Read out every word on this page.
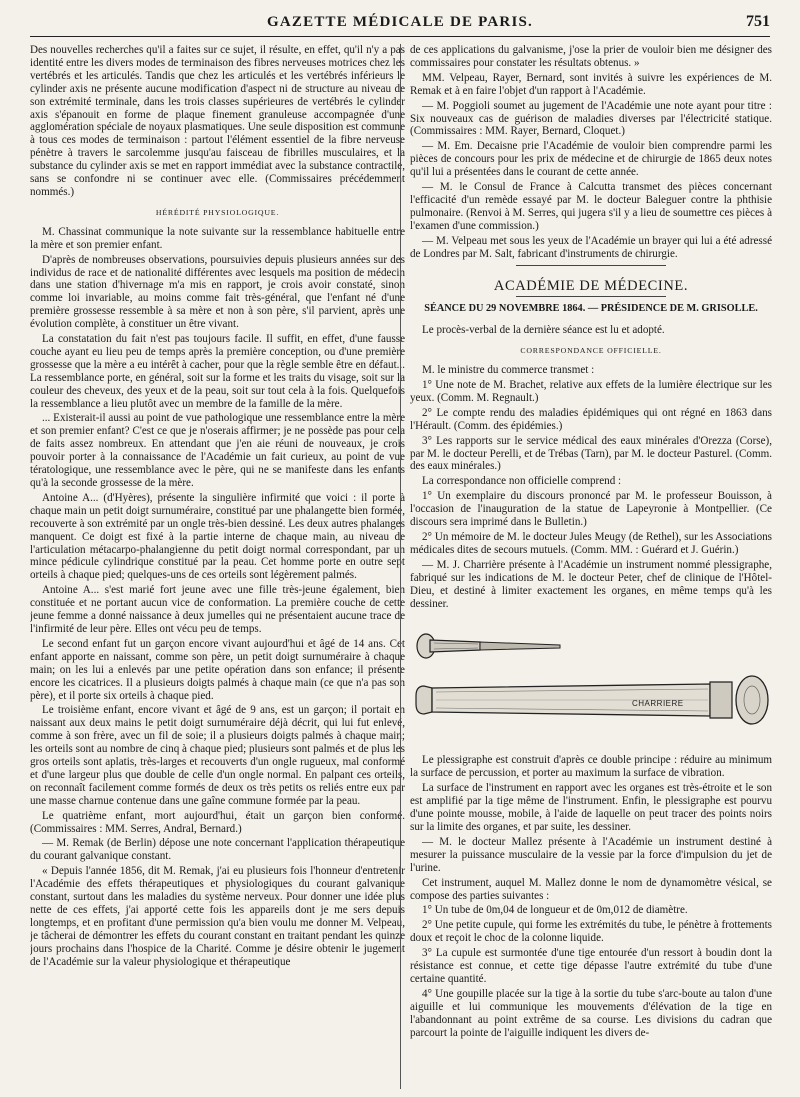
GAZETTE MÉDICALE DE PARIS.	751

Des nouvelles recherches qu'il a faites sur ce sujet, il résulte, en effet, qu'il n'y a pas identité entre les divers modes de terminaison des fibres nerveuses motrices chez les vertébrés et les articulés. Tandis que chez les articulés et les vertébrés inférieurs le cylinder axis ne présente aucune modification d'aspect ni de structure au niveau de son extrémité terminale, dans les trois classes supérieures de vertébrés le cylinder axis s'épanouit en forme de plaque finement granuleuse accompagnée d'une agglomération spéciale de noyaux plasmatiques. Une seule disposition est commune à tous ces modes de terminaison : partout l'élément essentiel de la fibre nerveuse pénètre à travers le sarcolemme jusqu'au faisceau de fibrilles musculaires, et la substance du cylinder axis se met en rapport immédiat avec la substance contractile, sans se confondre ni se continuer avec elle. (Commissaires précédemment nommés.)

HÉRÉDITÉ PHYSIOLOGIQUE.

M. Chassinat communique la note suivante sur la ressemblance habituelle entre la mère et son premier enfant.

D'après de nombreuses observations, poursuivies depuis plusieurs années sur des individus de race et de nationalité différentes avec lesquels ma position de médecin dans une station d'hivernage m'a mis en rapport, je crois avoir constaté, sinon comme loi invariable, au moins comme fait très-général, que l'enfant né d'une première grossesse ressemble à sa mère et non à son père, s'il parvient, après une évolution complète, à constituer un être vivant.

La constatation du fait n'est pas toujours facile. Il suffit, en effet, d'une fausse couche ayant eu lieu peu de temps après la première conception, ou d'une première grossesse que la mère a eu intérêt à cacher, pour que la règle semble être en défaut... La ressemblance porte, en général, soit sur la forme et les traits du visage, soit sur la couleur des cheveux, des yeux et de la peau, soit sur tout cela à la fois. Quelquefois la ressemblance a lieu plutôt avec un membre de la famille de la mère.

... Existerait-il aussi au point de vue pathologique une ressemblance entre la mère et son premier enfant? C'est ce que je n'oserais affirmer; je ne possède pas pour cela de faits assez nombreux. En attendant que j'en aie réuni de nouveaux, je crois pouvoir porter à la connaissance de l'Académie un fait curieux, au point de vue tératologique, une ressemblance avec le père, qui ne se manifeste dans les enfants qu'à la seconde grossesse de la mère.

Antoine A... (d'Hyères), présente la singulière infirmité que voici : il porte à chaque main un petit doigt surnuméraire, constitué par une phalangette bien formée, recouverte à son extrémité par un ongle très-bien dessiné. Les deux autres phalanges manquent. Ce doigt est fixé à la partie interne de chaque main, au niveau de l'articulation métacarpo-phalangienne du petit doigt normal correspondant, par un mince pédicule cylindrique constitué par la peau. Cet homme porte en outre sept orteils à chaque pied; quelques-uns de ces orteils sont légèrement palmés.

Antoine A... s'est marié fort jeune avec une fille très-jeune également, bien constituée et ne portant aucun vice de conformation. La première couche de cette jeune femme a donné naissance à deux jumelles qui ne présentaient aucune trace de l'infirmité de leur père. Elles ont vécu peu de temps.

Le second enfant fut un garçon encore vivant aujourd'hui et âgé de 14 ans. Cet enfant apporte en naissant, comme son père, un petit doigt surnuméraire à chaque main; on les lui a enlevés par une petite opération dans son enfance; il présente encore les cicatrices. Il a plusieurs doigts palmés à chaque main (ce que n'a pas son père), et il porte six orteils à chaque pied.

Le troisième enfant, encore vivant et âgé de 9 ans, est un garçon; il portait en naissant aux deux mains le petit doigt surnuméraire déjà décrit, qui lui fut enlevé, comme à son frère, avec un fil de soie; il a plusieurs doigts palmés à chaque main; les orteils sont au nombre de cinq à chaque pied; plusieurs sont palmés et de plus les gros orteils sont aplatis, très-larges et recouverts d'un ongle rugueux, mal conformé et d'une largeur plus que double de celle d'un ongle normal. En palpant ces orteils, on reconnaît facilement comme formés de deux os très petits os reliés entre eux par une masse charnue contenue dans une gaîne commune formée par la peau.

Le quatrième enfant, mort aujourd'hui, était un garçon bien conformé. (Commissaires : MM. Serres, Andral, Bernard.)

— M. Remak (de Berlin) dépose une note concernant l'application thérapeutique du courant galvanique constant.

« Depuis l'année 1856, dit M. Remak, j'ai eu plusieurs fois l'honneur d'entretenir l'Académie des effets thérapeutiques et physiologiques du courant galvanique constant, surtout dans les maladies du système nerveux. Pour donner une idée plus nette de ces effets, j'ai apporté cette fois les appareils dont je me sers depuis longtemps, et en profitant d'une permission qu'a bien voulu me donner M. Velpeau, je tâcherai de démontrer les effets du courant constant en traitant pendant les quinze jours prochains dans l'hospice de la Charité. Comme je désire obtenir le jugement de l'Académie sur la valeur physiologique et thérapeutique

de ces applications du galvanisme, j'ose la prier de vouloir bien me désigner des commissaires pour constater les résultats obtenus. »

MM. Velpeau, Rayer, Bernard, sont invités à suivre les expériences de M. Remak et à en faire l'objet d'un rapport à l'Académie.

— M. Poggioli soumet au jugement de l'Académie une note ayant pour titre : Six nouveaux cas de guérison de maladies diverses par l'électricité statique. (Commissaires : MM. Rayer, Bernard, Cloquet.)

— M. Em. Decaisne prie l'Académie de vouloir bien comprendre parmi les pièces de concours pour les prix de médecine et de chirurgie de 1865 deux notes qu'il lui a présentées dans le courant de cette année.

— M. le Consul de France à Calcutta transmet des pièces concernant l'efficacité d'un remède essayé par M. le docteur Baleguer contre la phthisie pulmonaire. (Renvoi à M. Serres, qui jugera s'il y a lieu de soumettre ces pièces à l'examen d'une commission.)

— M. Velpeau met sous les yeux de l'Académie un brayer qui lui a été adressé de Londres par M. Salt, fabricant d'instruments de chirurgie.

ACADÉMIE DE MÉDECINE.
SÉANCE DU 29 NOVEMBRE 1864. — PRÉSIDENCE DE M. GRISOLLE.

Le procès-verbal de la dernière séance est lu et adopté.

CORRESPONDANCE OFFICIELLE.

M. le ministre du commerce transmet :

1° Une note de M. Brachet, relative aux effets de la lumière électrique sur les yeux. (Comm. M. Regnault.)

2° Le compte rendu des maladies épidémiques qui ont régné en 1863 dans l'Hérault. (Comm. des épidémies.)

3° Les rapports sur le service médical des eaux minérales d'Orezza (Corse), par M. le docteur Perelli, et de Trébas (Tarn), par M. le docteur Pasturel. (Comm. des eaux minérales.)

La correspondance non officielle comprend :

1° Un exemplaire du discours prononcé par M. le professeur Bouisson, à l'occasion de l'inauguration de la statue de Lapeyronie à Montpellier. (Ce discours sera imprimé dans le Bulletin.)

2° Un mémoire de M. le docteur Jules Meugy (de Rethel), sur les Associations médicales dites de secours mutuels. (Comm. MM. : Guérard et J. Guérin.)

— M. J. Charrière présente à l'Académie un instrument nommé plessigraphe, fabriqué sur les indications de M. le docteur Peter, chef de clinique de l'Hôtel-Dieu, et destiné à limiter exactement les organes, en même temps qu'à les dessiner.

CHARRIERE

Le plessigraphe est construit d'après ce double principe : réduire au minimum la surface de percussion, et porter au maximum la surface de vibration.

La surface de l'instrument en rapport avec les organes est très-étroite et le son est amplifié par la tige même de l'instrument. Enfin, le plessigraphe est pourvu d'une pointe mousse, mobile, à l'aide de laquelle on peut tracer des points noirs sur la limite des organes, et par suite, les dessiner.

— M. le docteur Mallez présente à l'Académie un instrument destiné à mesurer la puissance musculaire de la vessie par la force d'impulsion du jet de l'urine.

Cet instrument, auquel M. Mallez donne le nom de dynamomètre vésical, se compose des parties suivantes :

1° Un tube de 0m,04 de longueur et de 0m,012 de diamètre.

2° Une petite cupule, qui forme les extrémités du tube, le pénètre à frottements doux et reçoit le choc de la colonne liquide.

3° La cupule est surmontée d'une tige entourée d'un ressort à boudin dont la résistance est connue, et cette tige dépasse l'autre extrémité du tube d'une certaine quantité.

4° Une goupille placée sur la tige à la sortie du tube s'arc-boute au talon d'une aiguille et lui communique les mouvements d'élévation de la tige en l'abandonnant au point extrême de sa course. Les divisions du cadran que parcourt la pointe de l'aiguille indiquent les divers de-
